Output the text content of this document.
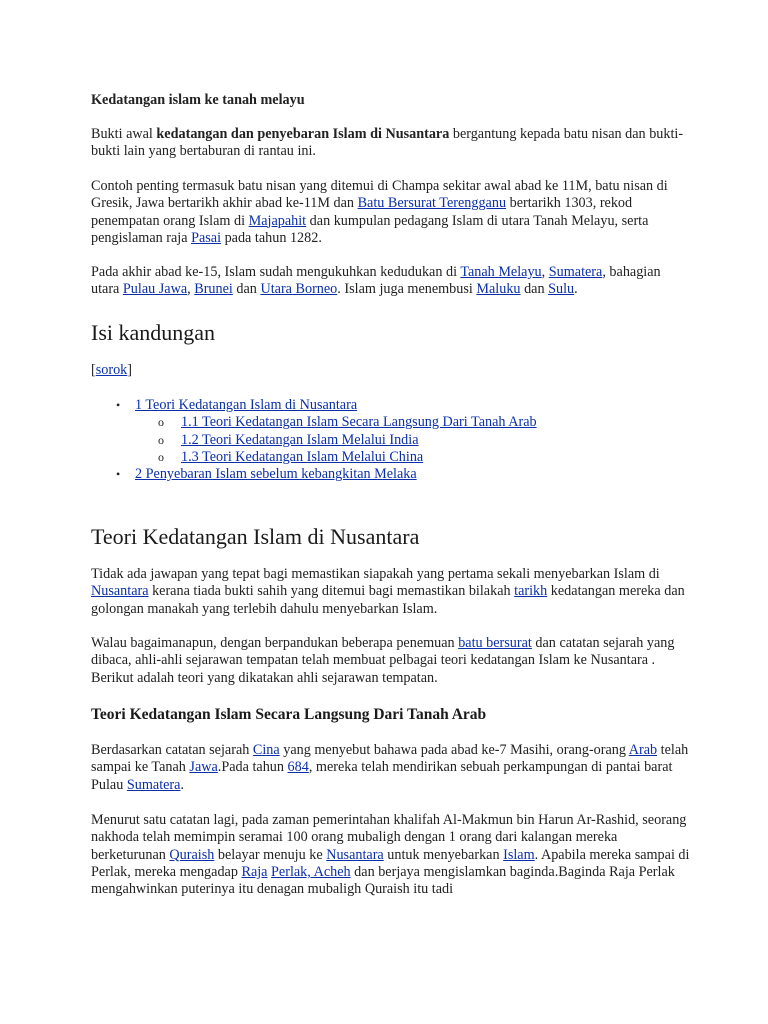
Kedatangan islam ke tanah melayu

Bukti awal kedatangan dan penyebaran Islam di Nusantara bergantung kepada batu nisan dan bukti-bukti lain yang bertaburan di rantau ini.

Contoh penting termasuk batu nisan yang ditemui di Champa sekitar awal abad ke 11M, batu nisan di Gresik, Jawa bertarikh akhir abad ke-11M dan Batu Bersurat Terengganu bertarikh 1303, rekod penempatan orang Islam di Majapahit dan kumpulan pedagang Islam di utara Tanah Melayu, serta pengislaman raja Pasai pada tahun 1282.

Pada akhir abad ke-15, Islam sudah mengukuhkan kedudukan di Tanah Melayu, Sumatera, bahagian utara Pulau Jawa, Brunei dan Utara Borneo. Islam juga menembusi Maluku dan Sulu.

Isi kandungan

[sorok]

• 1 Teori Kedatangan Islam di Nusantara
o 1.1 Teori Kedatangan Islam Secara Langsung Dari Tanah Arab
o 1.2 Teori Kedatangan Islam Melalui India
o 1.3 Teori Kedatangan Islam Melalui China
• 2 Penyebaran Islam sebelum kebangkitan Melaka
Teori Kedatangan Islam di Nusantara

Tidak ada jawapan yang tepat bagi memastikan siapakah yang pertama sekali menyebarkan Islam di Nusantara kerana tiada bukti sahih yang ditemui bagi memastikan bilakah tarikh kedatangan mereka dan golongan manakah yang terlebih dahulu menyebarkan Islam.

Walau bagaimanapun, dengan berpandukan beberapa penemuan batu bersurat dan catatan sejarah yang dibaca, ahli-ahli sejarawan tempatan telah membuat pelbagai teori kedatangan Islam ke Nusantara . Berikut adalah teori yang dikatakan ahli sejarawan tempatan.

Teori Kedatangan Islam Secara Langsung Dari Tanah Arab

Berdasarkan catatan sejarah Cina yang menyebut bahawa pada abad ke-7 Masihi, orang-orang Arab telah sampai ke Tanah Jawa.Pada tahun 684, mereka telah mendirikan sebuah perkampungan di pantai barat Pulau Sumatera.

Menurut satu catatan lagi, pada zaman pemerintahan khalifah Al-Makmun bin Harun Ar-Rashid, seorang nakhoda telah memimpin seramai 100 orang mubaligh dengan 1 orang dari kalangan mereka berketurunan Quraish belayar menuju ke Nusantara untuk menyebarkan Islam. Apabila mereka sampai di Perlak, mereka mengadap Raja Perlak, Acheh dan berjaya mengislamkan baginda.Baginda Raja Perlak mengahwinkan puterinya itu denagan mubaligh Quraish itu tadi
